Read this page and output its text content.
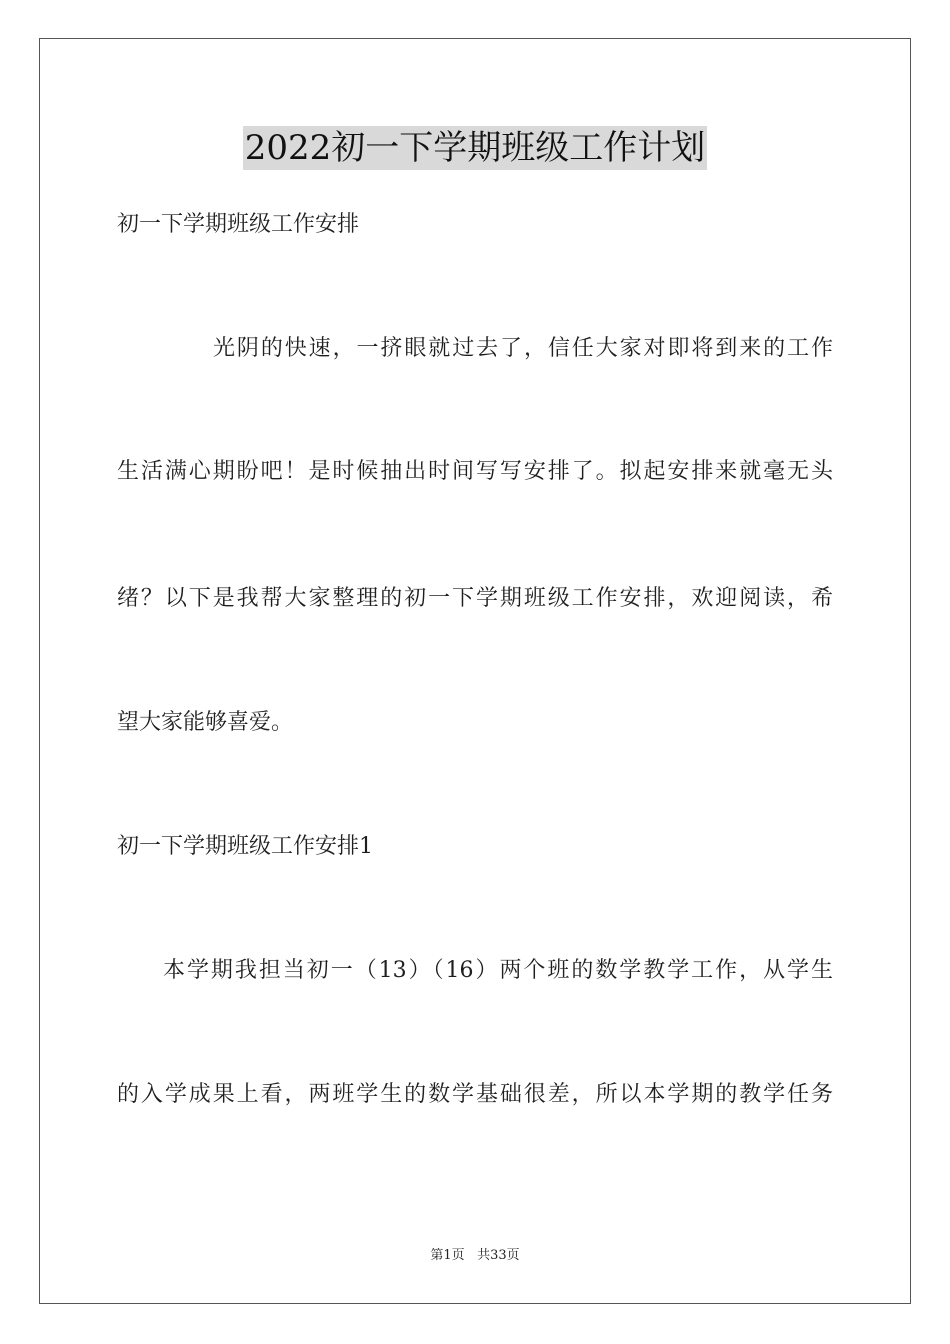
2022初一下学期班级工作计划
初一下学期班级工作安排
光阴的快速，一挤眼就过去了，信任大家对即将到来的工作
生活满心期盼吧！是时候抽出时间写写安排了。拟起安排来就毫无头
绪？以下是我帮大家整理的初一下学期班级工作安排，欢迎阅读，希
望大家能够喜爱。
初一下学期班级工作安排1
本学期我担当初一（13）（16）两个班的数学教学工作，从学生
的入学成果上看，两班学生的数学基础很差，所以本学期的教学任务
第1页 共33页
